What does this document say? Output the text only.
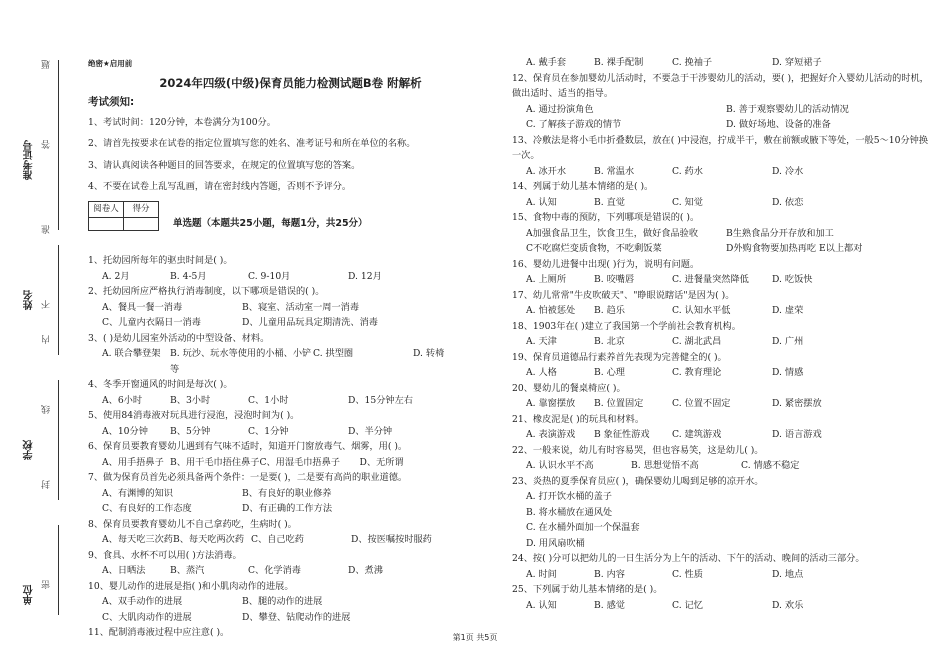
准考证号
姓名
学校
单位
题
答
准
不
内
线
封
密
绝密★启用前
2024年四级(中级)保育员能力检测试题B卷 附解析
考试须知:
1、考试时间：120分钟，本卷满分为100分。
2、请首先按要求在试卷的指定位置填写您的姓名、准考证号和所在单位的名称。
3、请认真阅读各种题目的回答要求，在规定的位置填写您的答案。
4、不要在试卷上乱写乱画，请在密封线内答题，否则不予评分。
阅卷人	得分

单选题（本题共25小题，每题1分，共25分）
1、托幼园所每年的驱虫时间是( )。
A. 2月	B. 4-5月	C. 9-10月	D. 12月
2、托幼园所应严格执行消毒制度，以下哪项是错误的( )。
A、餐具一餐一消毒	B、寝室、活动室一周一消毒
C、儿童内衣隔日一消毒	D、儿童用品玩具定期清洗、消毒
3、( )是幼儿园室外活动的中型设备、材料。
A. 联合攀登架	B. 玩沙、玩水等使用的小桶、小铲等
C. 拱型圈	D. 转椅
4、冬季开窗通风的时间是每次( )。
A、6小时	B、3小时	C、1小时	D、15分钟左右
5、使用84消毒液对玩具进行浸泡，浸泡时间为( )。
A、10分钟	B、5分钟	C、1分钟	D、半分钟
6、保育员要教育婴幼儿遇到有气味不适时，知道开门窗放毒气、烟雾，用( )。
A、用手捂鼻子 B、用干毛巾捂住鼻子 C、用湿毛巾捂鼻子	D、无所谓
7、做为保育员首先必须具备两个条件：一是要( )，二是要有高尚的职业道德。
A、有渊博的知识	B、有良好的职业修养
C、有良好的工作态度	D、有正确的工作方法
8、保育员要教育婴幼儿不自己拿药吃，生病时( )。
A、每天吃三次药 B、每天吃两次药 C、自己吃药	D、按医嘱按时服药
9、食具、水杯不可以用( )方法消毒。
A、日晒法	B、蒸汽	C、化学消毒	D、煮沸
10、婴儿动作的进展是指( )和小肌肉动作的进展。
A、双手动作的进展	B、腿的动作的进展
C、大肌肉动作的进展	D、攀登、钻爬动作的进展
11、配制消毒液过程中应注意( )。
A. 戴手套	B. 裸手配制	C. 挽袖子	D. 穿短裙子
12、保育员在参加婴幼儿活动时，不要急于干涉婴幼儿的活动，要( )，把握好介入婴幼儿活动的时机，做出适时、适当的指导。
A. 通过扮演角色	B. 善于观察婴幼儿的活动情况
C. 了解孩子游戏的情节	D. 做好场地、设备的准备
13、冷敷法是将小毛巾折叠数层，放在( )中浸泡，拧成半干，敷在前额或腋下等处，一般5～10分钟换一次。
A. 冰开水	B. 常温水	C. 药水	D. 冷水
14、列属于幼儿基本情绪的是( )。
A. 认知	B. 直觉	C. 知觉	D. 依恋
15、食物中毒的预防，下列哪项是错误的( )。
A加强食品卫生，饮食卫生，做好食品验收	B生熟食品分开存放和加工
C不吃腐烂变质食物，不吃剩饭菜	D外购食物要加热再吃 E以上都对
16、婴幼儿进餐中出现( )行为，说明有问题。
A. 上厕所	B. 咬嘴唇	C. 进餐量突然降低	D. 吃饭快
17、幼儿常常"牛皮吹破天"、"睁眼说瞎话"是因为( )。
A. 怕被惩处	B. 趋乐	C. 认知水平低	D. 虚荣
18、1903年在( )建立了我国第一个学前社会教育机构。
A. 天津	B. 北京	C. 湖北武昌	D. 广州
19、保育员道德品行素养首先表现为完善健全的( )。
A. 人格	B. 心理	C. 教育理论	D. 情感
20、婴幼儿的餐桌椅应( )。
A. 靠窗摆放	B. 位置固定	C. 位置不固定	D. 紧密摆放
21、橡皮泥是( )的玩具和材料。
A. 表演游戏	B 象征性游戏	C. 建筑游戏	D. 语言游戏
22、一般来说，幼儿有时容易哭，但也容易笑，这是幼儿( )。
A. 认识水平不高	B. 思想觉悟不高	C. 情感不稳定
23、炎热的夏季保育员应( )，确保婴幼儿喝到足够的凉开水。
A. 打开饮水桶的盖子
B. 将水桶放在通风处
C. 在水桶外面加一个保温套
D. 用风扇吹桶
24、按( )分可以把幼儿的一日生活分为上午的活动、下午的活动、晚间的活动三部分。
A. 时间	B. 内容	C. 性质	D. 地点
25、下列属于幼儿基本情绪的是( )。
A. 认知	B. 感觉	C. 记忆	D. 欢乐
第1页 共5页
